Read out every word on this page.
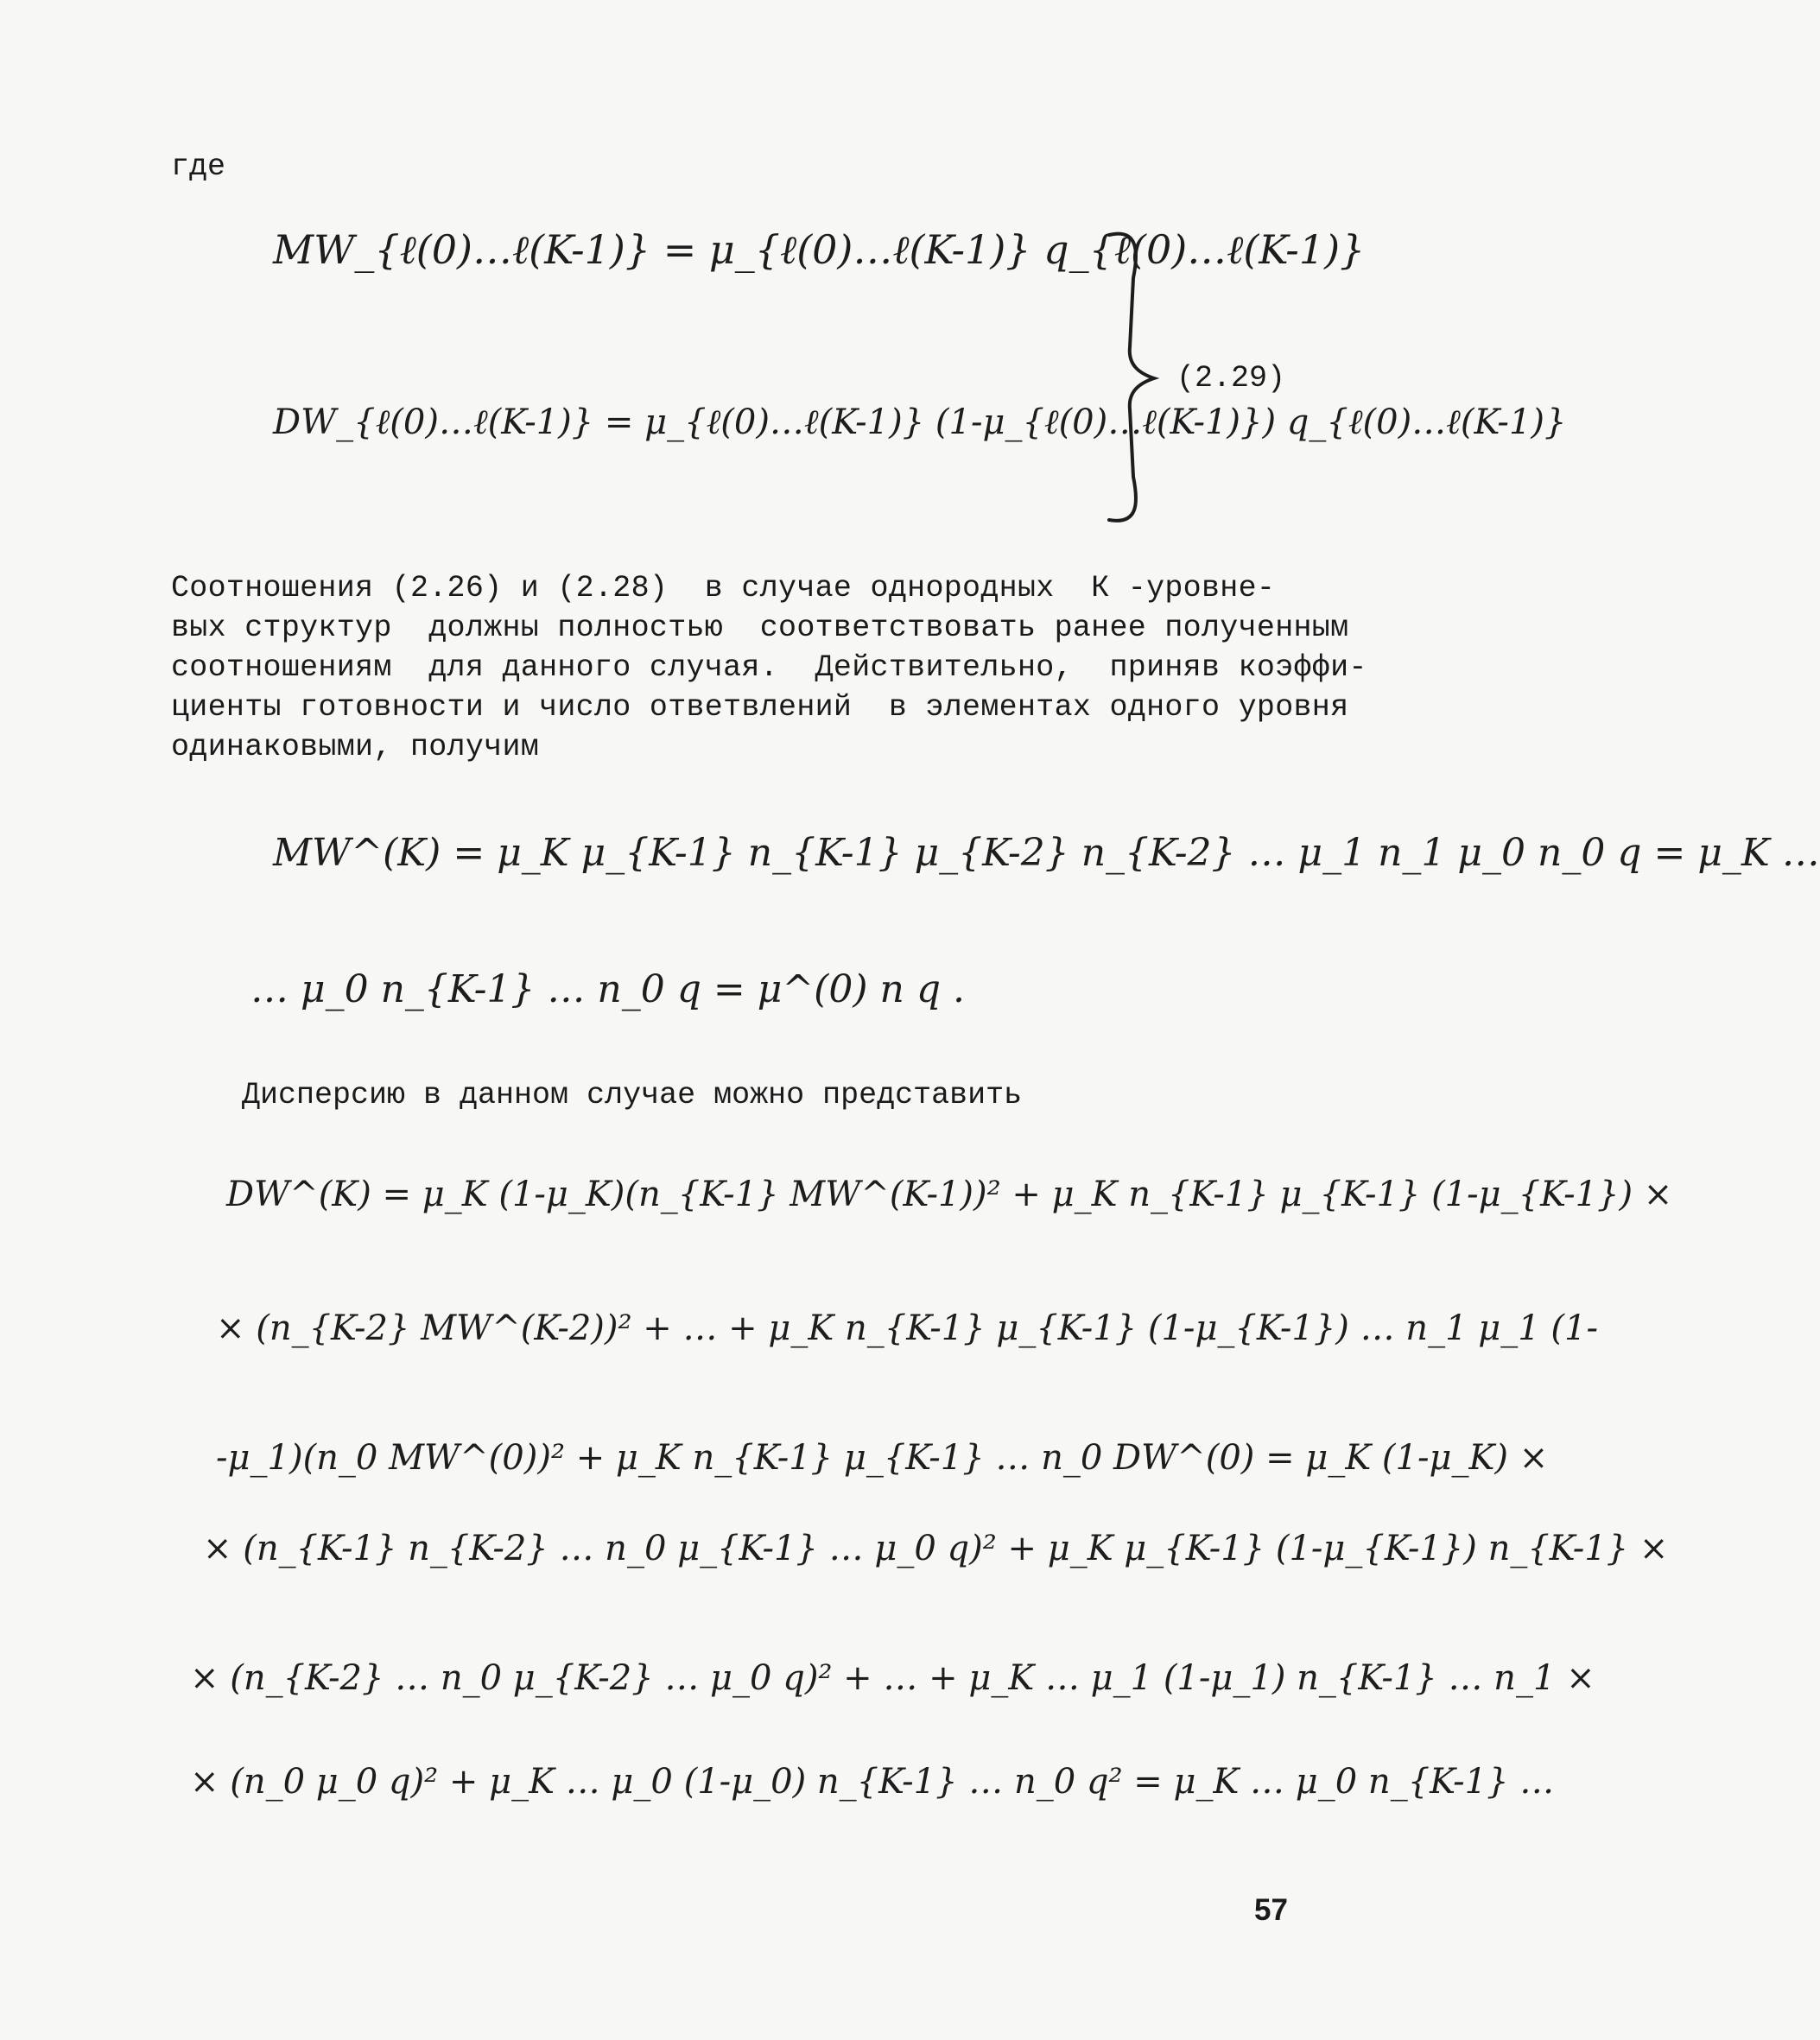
где
MW_{ℓ(0)…ℓ(K-1)} = μ_{ℓ(0)…ℓ(K-1)} q_{ℓ(0)…ℓ(K-1)}
DW_{ℓ(0)…ℓ(K-1)} = μ_{ℓ(0)…ℓ(K-1)} (1-μ_{ℓ(0)…ℓ(K-1)}) q_{ℓ(0)…ℓ(K-1)}
(2.29)
Соотношения (2.26) и (2.28)  в случае однородных  К -уровне-
вых структур  должны полностью  соответствовать ранее полученным
соотношениям  для данного случая.  Действительно,  приняв коэффи-
циенты готовности и число ответвлений  в элементах одного уровня
одинаковыми, получим
MW^(K) = μ_K μ_{K-1} n_{K-1} μ_{K-2} n_{K-2} … μ_1 n_1 μ_0 n_0 q = μ_K …
… μ_0 n_{K-1} … n_0 q = μ^(0) n q .
Дисперсию в данном случае можно представить
DW^(K) = μ_K (1-μ_K)(n_{K-1} MW^(K-1))² + μ_K n_{K-1} μ_{K-1} (1-μ_{K-1}) ×
× (n_{K-2} MW^(K-2))² + … + μ_K n_{K-1} μ_{K-1} (1-μ_{K-1}) … n_1 μ_1 (1-
-μ_1)(n_0 MW^(0))² + μ_K n_{K-1} μ_{K-1} … n_0 DW^(0) = μ_K (1-μ_K) ×
× (n_{K-1} n_{K-2} … n_0 μ_{K-1} … μ_0 q)² + μ_K μ_{K-1} (1-μ_{K-1}) n_{K-1} ×
× (n_{K-2} … n_0 μ_{K-2} … μ_0 q)² + … + μ_K … μ_1 (1-μ_1) n_{K-1} … n_1 ×
× (n_0 μ_0 q)² + μ_K … μ_0 (1-μ_0) n_{K-1} … n_0 q² = μ_K … μ_0 n_{K-1} …
57
